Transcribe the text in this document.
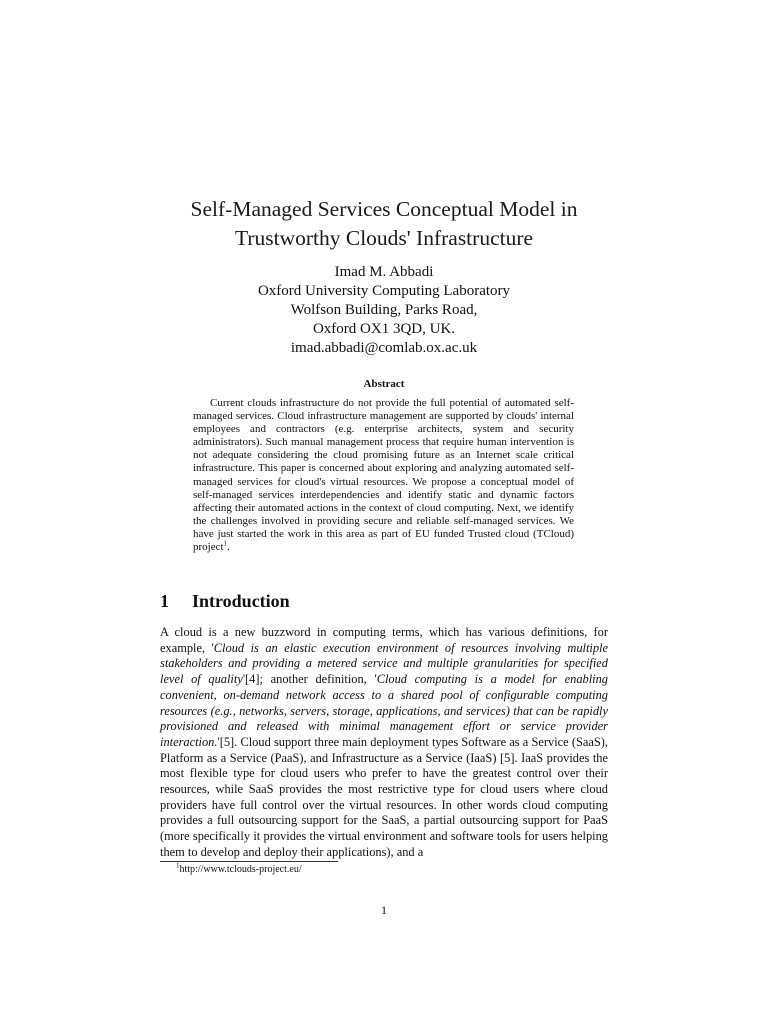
Self-Managed Services Conceptual Model in
Trustworthy Clouds' Infrastructure
Imad M. Abbadi
Oxford University Computing Laboratory
Wolfson Building, Parks Road,
Oxford OX1 3QD, UK.
imad.abbadi@comlab.ox.ac.uk
Abstract

Current clouds infrastructure do not provide the full potential of automated self-managed services. Cloud infrastructure management are supported by clouds' internal employees and contractors (e.g. enterprise architects, system and security administrators). Such manual management process that require human intervention is not adequate considering the cloud promising future as an Internet scale critical infrastructure. This paper is concerned about exploring and analyzing automated self-managed services for cloud's virtual resources. We propose a conceptual model of self-managed services interdependencies and identify static and dynamic factors affecting their automated actions in the context of cloud computing. Next, we identify the challenges involved in providing secure and reliable self-managed services. We have just started the work in this area as part of EU funded Trusted cloud (TCloud) project$^1$.

1 Introduction

A cloud is a new buzzword in computing terms, which has various definitions, for example, 'Cloud is an elastic execution environment of resources involving multiple stakeholders and providing a metered service and multiple granularities for specified level of quality'[4]; another definition, 'Cloud computing is a model for enabling convenient, on-demand network access to a shared pool of configurable computing resources (e.g., networks, servers, storage, applications, and services) that can be rapidly provisioned and released with minimal management effort or service provider interaction.'[5]. Cloud support three main deployment types Software as a Service (SaaS), Platform as a Service (PaaS), and Infrastructure as a Service (IaaS) [5]. IaaS provides the most flexible type for cloud users who prefer to have the greatest control over their resources, while SaaS provides the most restrictive type for cloud users where cloud providers have full control over the virtual resources. In other words cloud computing provides a full outsourcing support for the SaaS, a partial outsourcing support for PaaS (more specifically it provides the virtual environment and software tools for users helping them to develop and deploy their applications), and a

$^1$http://www.tclouds-project.eu/
1
